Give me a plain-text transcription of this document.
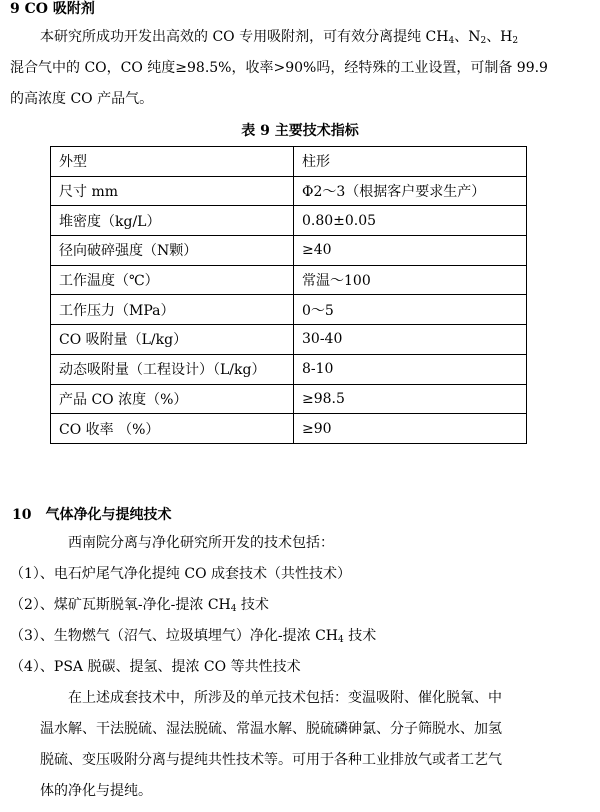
9 CO 吸附剂
本研究所成功开发出高效的 CO 专用吸附剂，可有效分离提纯 $CH_4$、$N_2$、$H_2$
混合气中的 CO，CO 纯度≥98.5%，收率>90%吗，经特殊的工业设置，可制备 99.9
的高浓度 CO 产品气。
表 9 主要技术指标
外型	柱形
尺寸 mm	Φ2～3（根据客户要求生产）
堆密度（kg/L）	0.80±0.05
径向破碎强度（N颗）	≥40
工作温度（℃）	常温～100
工作压力（MPa）	0～5
CO 吸附量（L/kg）	30-40
动态吸附量（工程设计）（L/kg）	8-10
产品 CO 浓度（%）	≥98.5
CO 收率 （%）	≥90
10　气体净化与提纯技术
西南院分离与净化研究所开发的技术包括：
（1）、电石炉尾气净化提纯 CO 成套技术（共性技术）
（2）、煤矿瓦斯脱氧-净化-提浓 $CH_4$ 技术
（3）、生物燃气（沼气、垃圾填埋气）净化-提浓 $CH_4$ 技术
（4）、PSA 脱碳、提氢、提浓 CO 等共性技术
在上述成套技术中，所涉及的单元技术包括：变温吸附、催化脱氧、中
温水解、干法脱硫、湿法脱硫、常温水解、脱硫磷砷氯、分子筛脱水、加氢
脱硫、变压吸附分离与提纯共性技术等。可用于各种工业排放气或者工艺气
体的净化与提纯。
